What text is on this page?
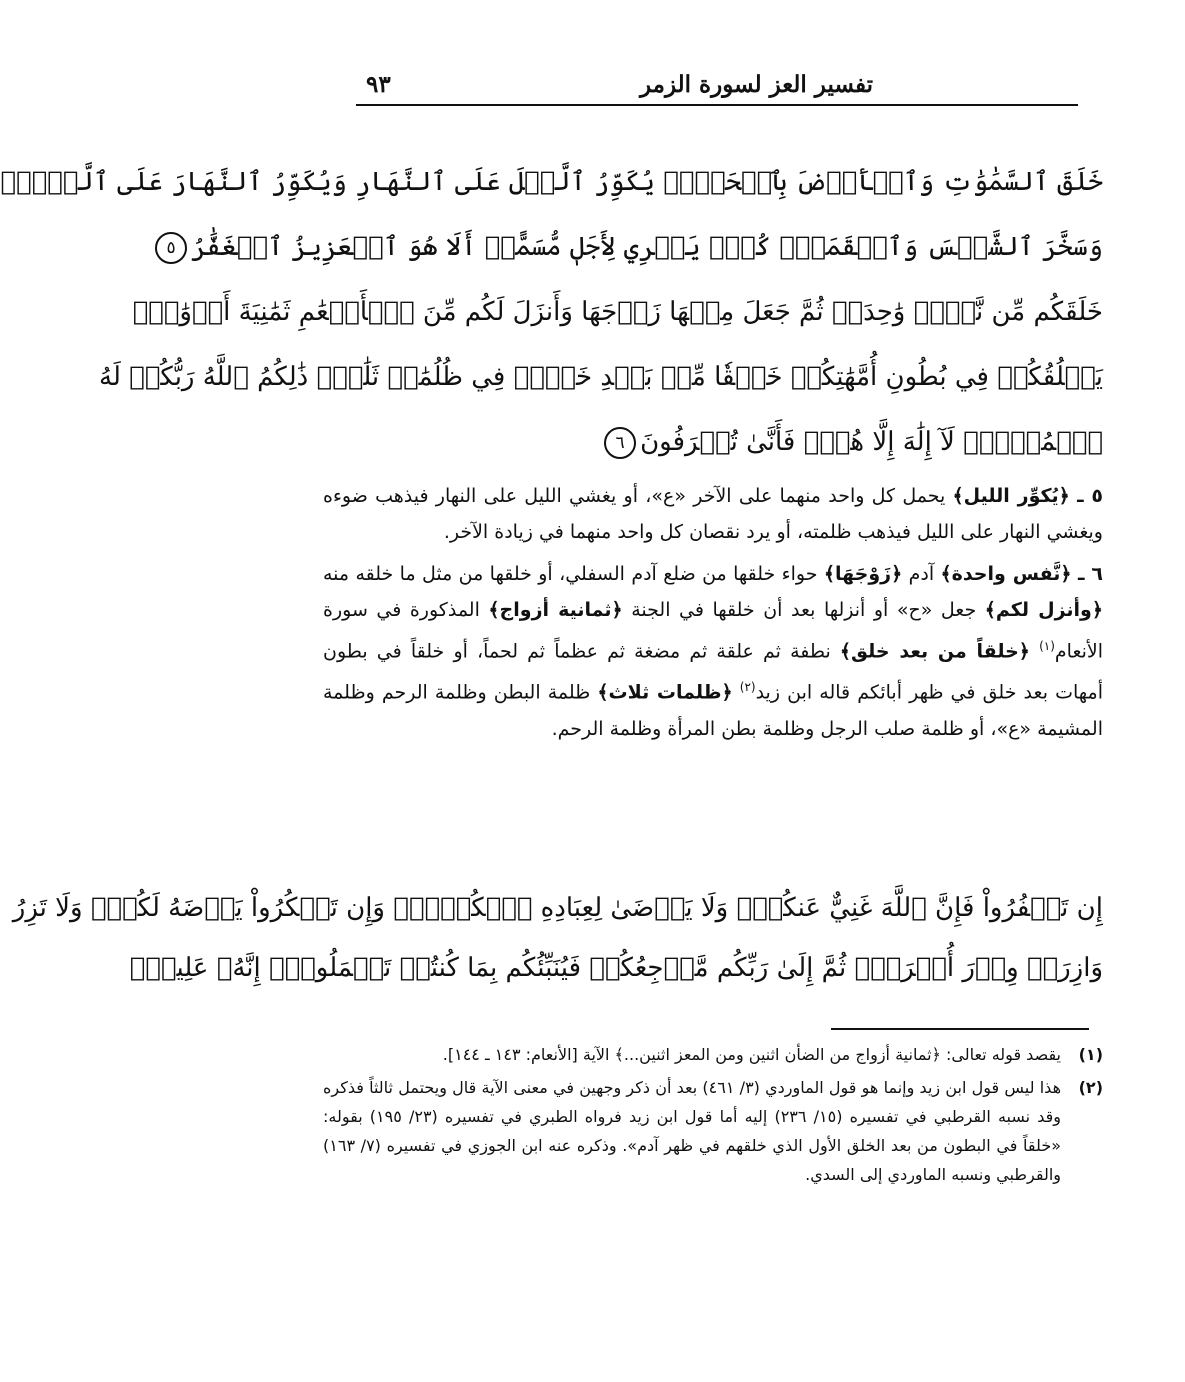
تفسير العز لسورة الزمر
٩٣
خَلَقَ ٱلسَّمَٰوَٰتِ وَٱلۡأَرۡضَ بِٱلۡحَقِّۖ يُكَوِّرُ ٱلَّيۡلَ عَلَى ٱلنَّهَارِ وَيُكَوِّرُ ٱلنَّهَارَ عَلَى ٱلَّيۡلِۖ
وَسَخَّرَ ٱلشَّمۡسَ وَٱلۡقَمَرَۖ كُلّٞ يَجۡرِي لِأَجَلٖ مُّسَمًّىۗ أَلَا هُوَ ٱلۡعَزِيزُ ٱلۡغَفَّٰرُ٥
خَلَقَكُم مِّن نَّفۡسٖ وَٰحِدَةٖ ثُمَّ جَعَلَ مِنۡهَا زَوۡجَهَا وَأَنزَلَ لَكُم مِّنَ ٱلۡأَنۡعَٰمِ ثَمَٰنِيَةَ أَزۡوَٰجٖۚ
يَخۡلُقُكُمۡ فِي بُطُونِ أُمَّهَٰتِكُمۡ خَلۡقٗا مِّنۢ بَعۡدِ خَلۡقٖ فِي ظُلُمَٰتٖ ثَلَٰثٖۚ ذَٰلِكُمُ ٱللَّهُ رَبُّكُمۡ لَهُ
ٱلۡمُلۡكُۖ لَآ إِلَٰهَ إِلَّا هُوَۖ فَأَنَّىٰ تُصۡرَفُونَ٦

٥ ـ ﴿يُكوِّر الليل﴾ يحمل كل واحد منهما على الآخر «ع»، أو يغشي الليل على النهار فيذهب ضوءه ويغشي النهار على الليل فيذهب ظلمته، أو يرد نقصان كل واحد منهما في زيادة الآخر.

٦ ـ ﴿نَّفس واحدة﴾ آدم ﴿زَوْجَهَا﴾ حواء خلقها من ضلع آدم السفلي، أو خلقها من مثل ما خلقه منه ﴿وأنزل لكم﴾ جعل «ح» أو أنزلها بعد أن خلقها في الجنة ﴿ثمانية أزواج﴾ المذكورة في سورة الأنعام$^{(١)}$ ﴿خلقاً من بعد خلق﴾ نطفة ثم علقة ثم مضغة ثم عظماً ثم لحماً، أو خلقاً في بطون أمهات بعد خلق في ظهر أبائكم قاله ابن زيد$^{(٢)}$ ﴿ظلمات ثلاث﴾ ظلمة البطن وظلمة الرحم وظلمة المشيمة «ع»، أو ظلمة صلب الرجل وظلمة بطن المرأة وظلمة الرحم.

إِن تَكۡفُرُواْ فَإِنَّ ٱللَّهَ غَنِيٌّ عَنكُمۡۖ وَلَا يَرۡضَىٰ لِعِبَادِهِ ٱلۡكُفۡرَۖ وَإِن تَشۡكُرُواْ يَرۡضَهُ لَكُمۡۗ وَلَا تَزِرُ
وَازِرَةٞ وِزۡرَ أُخۡرَىٰۗ ثُمَّ إِلَىٰ رَبِّكُم مَّرۡجِعُكُمۡ فَيُنَبِّئُكُم بِمَا كُنتُمۡ تَعۡمَلُونَۚ إِنَّهُۥ عَلِيمُۢ
(١)
يقصد قوله تعالى: ﴿ثمانية أزواج من الضأن اثنين ومن المعز اثنين...﴾ الآية [الأنعام: ١٤٣ ـ ١٤٤].
(٢)
هذا ليس قول ابن زيد وإنما هو قول الماوردي (٣/ ٤٦١) بعد أن ذكر وجهين في معنى الآية قال ويحتمل ثالثاً فذكره وقد نسبه القرطبي في تفسيره (١٥/ ٢٣٦) إليه أما قول ابن زيد فرواه الطبري في تفسيره (٢٣/ ١٩٥) بقوله: «خلقاً في البطون من بعد الخلق الأول الذي خلقهم في ظهر آدم». وذكره عنه ابن الجوزي في تفسيره (٧/ ١٦٣) والقرطبي ونسبه الماوردي إلى السدي.
